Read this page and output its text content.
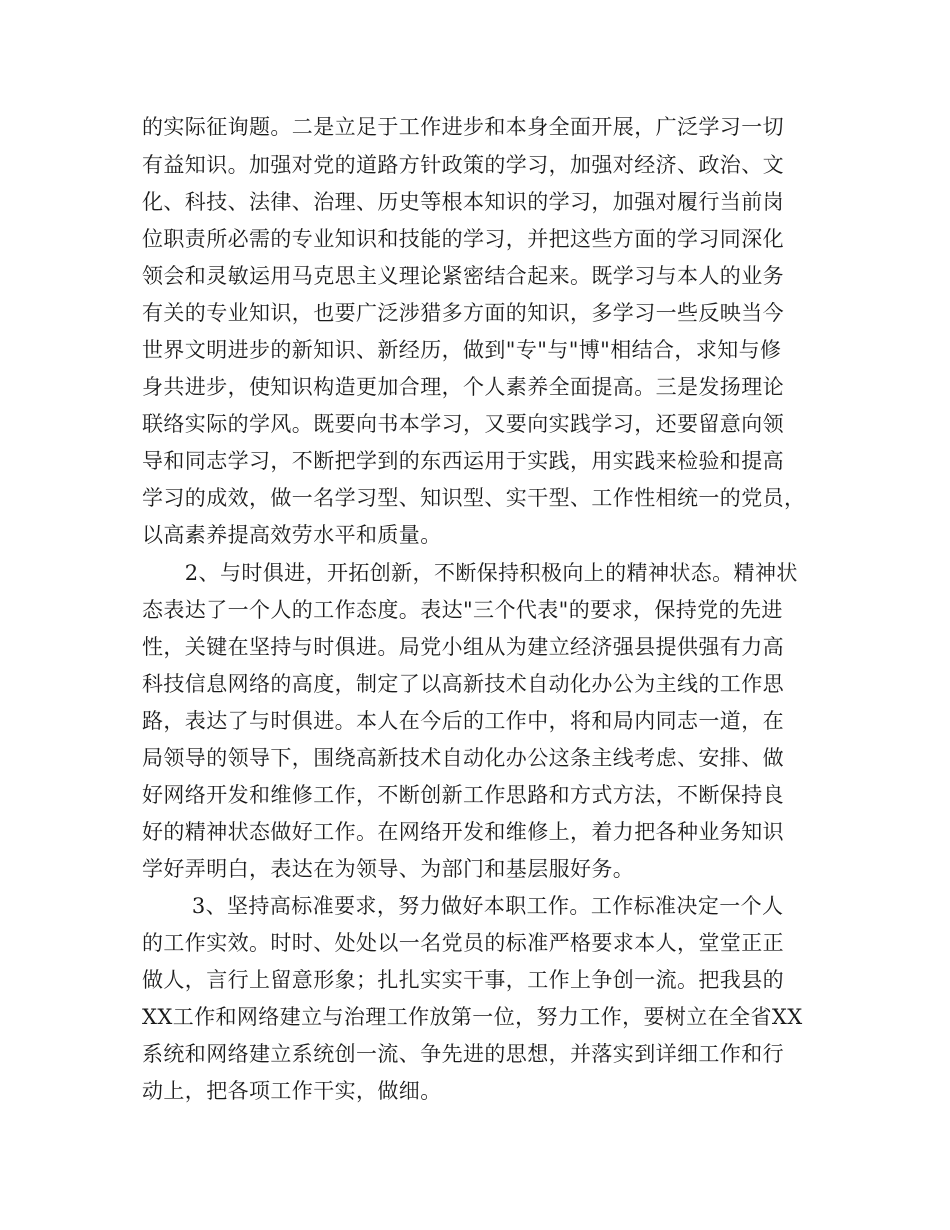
的实际征询题。二是立足于工作进步和本身全面开展，广泛学习一切
有益知识。加强对党的道路方针政策的学习，加强对经济、政治、文
化、科技、法律、治理、历史等根本知识的学习，加强对履行当前岗
位职责所必需的专业知识和技能的学习，并把这些方面的学习同深化
领会和灵敏运用马克思主义理论紧密结合起来。既学习与本人的业务
有关的专业知识，也要广泛涉猎多方面的知识，多学习一些反映当今
世界文明进步的新知识、新经历，做到"专"与"博"相结合，求知与修
身共进步，使知识构造更加合理，个人素养全面提高。三是发扬理论
联络实际的学风。既要向书本学习，又要向实践学习，还要留意向领
导和同志学习，不断把学到的东西运用于实践，用实践来检验和提高
学习的成效，做一名学习型、知识型、实干型、工作性相统一的党员，
以高素养提高效劳水平和质量。
　　2、与时俱进，开拓创新，不断保持积极向上的精神状态。精神状
态表达了一个人的工作态度。表达"三个代表"的要求，保持党的先进
性，关键在坚持与时俱进。局党小组从为建立经济强县提供强有力高
科技信息网络的高度，制定了以高新技术自动化办公为主线的工作思
路，表达了与时俱进。本人在今后的工作中，将和局内同志一道，在
局领导的领导下，围绕高新技术自动化办公这条主线考虑、安排、做
好网络开发和维修工作，不断创新工作思路和方式方法，不断保持良
好的精神状态做好工作。在网络开发和维修上，着力把各种业务知识
学好弄明白，表达在为领导、为部门和基层服好务。
　　 3、坚持高标准要求，努力做好本职工作。工作标准决定一个人
的工作实效。时时、处处以一名党员的标准严格要求本人，堂堂正正
做人，言行上留意形象；扎扎实实干事，工作上争创一流。把我县的
XX工作和网络建立与治理工作放第一位，努力工作，要树立在全省XX
系统和网络建立系统创一流、争先进的思想，并落实到详细工作和行
动上，把各项工作干实，做细。
